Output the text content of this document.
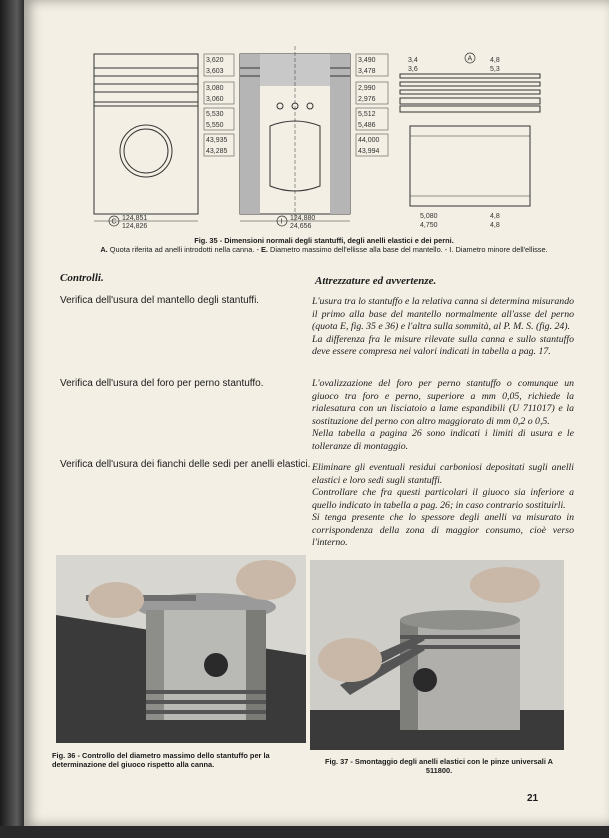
3,620
3,603
3,080
3,060
5,530
5,550
43,935
43,285
C 124,851
124,826
I 124,880
24,656
3,490
3,478
2,990
2,976
5,512
5,486
44,000
43,994
A
3,4
3,6
4,8
5,3
5,080
4,750
4,8
4,8
Fig. 35 - Dimensioni normali degli stantuffi, degli anelli elastici e dei perni.
A. Quota riferita ad anelli introdotti nella canna. - E. Diametro massimo dell'ellisse alla base del mantello. - I. Diametro minore dell'ellisse.
Controlli.	Attrezzature ed avvertenze.
Verifica dell'usura del mantello degli stantuffi.
Verifica dell'usura del foro per perno stantuffo.
Verifica dell'usura dei fianchi delle sedi per anelli elastici.
L'usura tra lo stantuffo e la relativa canna si determina misurando il primo alla base del mantello normalmente all'asse del perno (quota E, fig. 35 e 36) e l'altra sulla sommità, al P. M. S. (fig. 24).
La differenza fra le misure rilevate sulla canna e sullo stantuffo deve essere compresa nei valori indicati in tabella a pag. 17.
L'ovalizzazione del foro per perno stantuffo o comunque un giuoco tra foro e perno, superiore a mm 0,05, richiede la rialesatura con un lisciatoio a lame espandibili (U 711017) e la sostituzione del perno con altro maggiorato di mm 0,2 o 0,5.
Nella tabella a pagina 26 sono indicati i limiti di usura e le tolleranze di montaggio.
Eliminare gli eventuali residui carboniosi depositati sugli anelli elastici e loro sedi sugli stantuffi.
Controllare che fra questi particolari il giuoco sia inferiore a quello indicato in tabella a pag. 26; in caso contrario sostituirli.
Si tenga presente che lo spessore degli anelli va misurato in corrispondenza della zona di maggior consumo, cioè verso l'interno.
Fig. 36 - Controllo del diametro massimo dello stantuffo per la determinazione del giuoco rispetto alla canna.	Fig. 37 - Smontaggio degli anelli elastici con le pinze universali A 511800.
21
